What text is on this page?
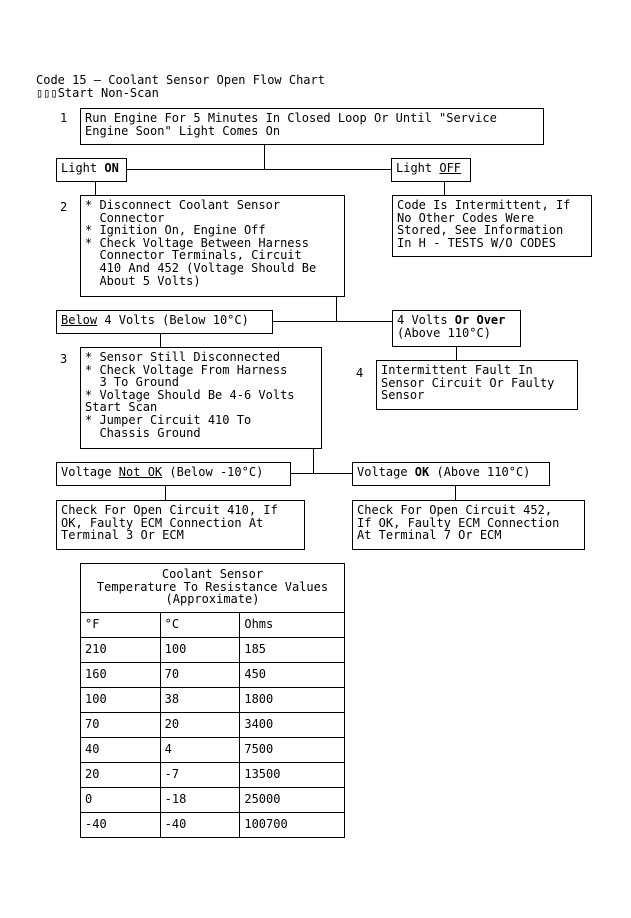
Code 15 – Coolant Sensor Open Flow Chart
▯▯▯Start Non-Scan
1 Run Engine For 5 Minutes In Closed Loop Or Until "Service
Engine Soon" Light Comes On
Light ON	Light OFF
2 * Disconnect Coolant Sensor
Connector
* Ignition On, Engine Off
* Check Voltage Between Harness
Connector Terminals, Circuit
410 And 452 (Voltage Should Be
About 5 Volts)
Code Is Intermittent, If
No Other Codes Were
Stored, See Information
In H - TESTS W/O CODES
Below 4 Volts (Below 10°C)	4 Volts Or Over
(Above 110°C)
3 * Sensor Still Disconnected
* Check Voltage From Harness
3 To Ground
* Voltage Should Be 4-6 Volts
Start Scan
* Jumper Circuit 410 To
Chassis Ground
4 Intermittent Fault In
Sensor Circuit Or Faulty
Sensor
Voltage Not OK (Below -10°C)	Voltage OK (Above 110°C)
Check For Open Circuit 410, If
OK, Faulty ECM Connection At
Terminal 3 Or ECM
Check For Open Circuit 452,
If OK, Faulty ECM Connection
At Terminal 7 Or ECM
Coolant Sensor
Temperature To Resistance Values
(Approximate)
°F	°C	Ohms
210	100	185
160	70	450
100	38	1800
70	20	3400
40	4	7500
20	-7	13500
0	-18	25000
-40	-40	100700
